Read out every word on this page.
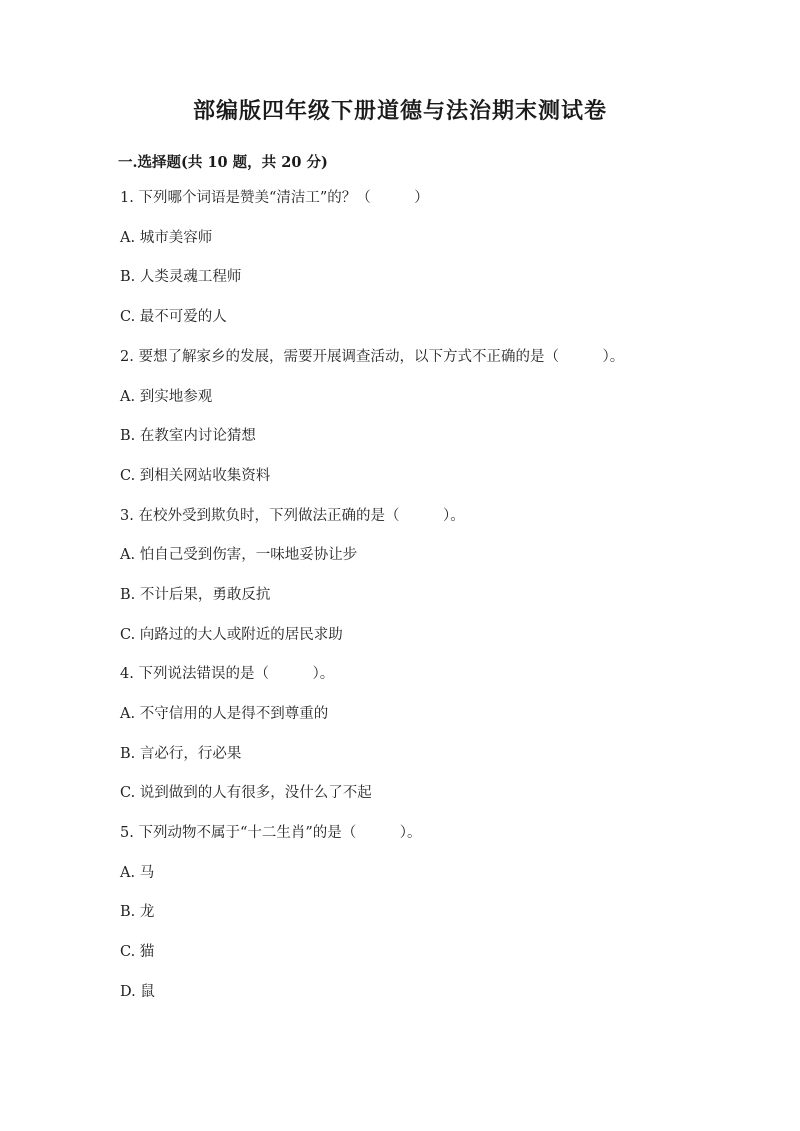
部编版四年级下册道德与法治期末测试卷
一.选择题(共 10 题，共 20 分)
1. 下列哪个词语是赞美“清洁工”的？（　　　）
A. 城市美容师
B. 人类灵魂工程师
C. 最不可爱的人
2. 要想了解家乡的发展，需要开展调查活动，以下方式不正确的是（　　　）。
A. 到实地参观
B. 在教室内讨论猜想
C. 到相关网站收集资料
3. 在校外受到欺负时，下列做法正确的是（　　　）。
A. 怕自己受到伤害，一味地妥协让步
B. 不计后果，勇敢反抗
C. 向路过的大人或附近的居民求助
4. 下列说法错误的是（　　　）。
A. 不守信用的人是得不到尊重的
B. 言必行，行必果
C. 说到做到的人有很多，没什么了不起
5. 下列动物不属于“十二生肖”的是（　　　）。
A. 马
B. 龙
C. 猫
D. 鼠
